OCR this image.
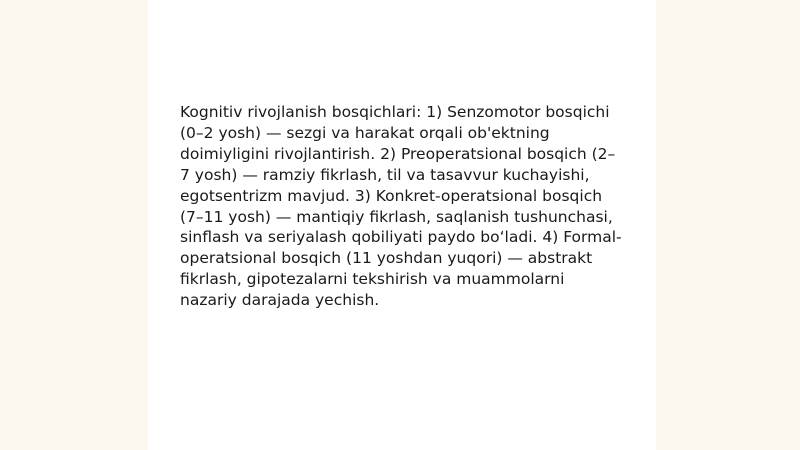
Kognitiv rivojlanish bosqichlari: 1) Senzomotor bosqichi (0–2 yosh) — sezgi va harakat orqali ob'ektning doimiyligini rivojlantirish. 2) Preoperatsional bosqich (2–7 yosh) — ramziy fikrlash, til va tasavvur kuchayishi, egotsentrizm mavjud. 3) Konkret-operatsional bosqich (7–11 yosh) — mantiqiy fikrlash, saqlanish tushunchasi, sinflash va seriyalash qobiliyati paydo boʻladi. 4) Formal-operatsional bosqich (11 yoshdan yuqori) — abstrakt fikrlash, gipotezalarni tekshirish va muammolarni nazariy darajada yechish.
